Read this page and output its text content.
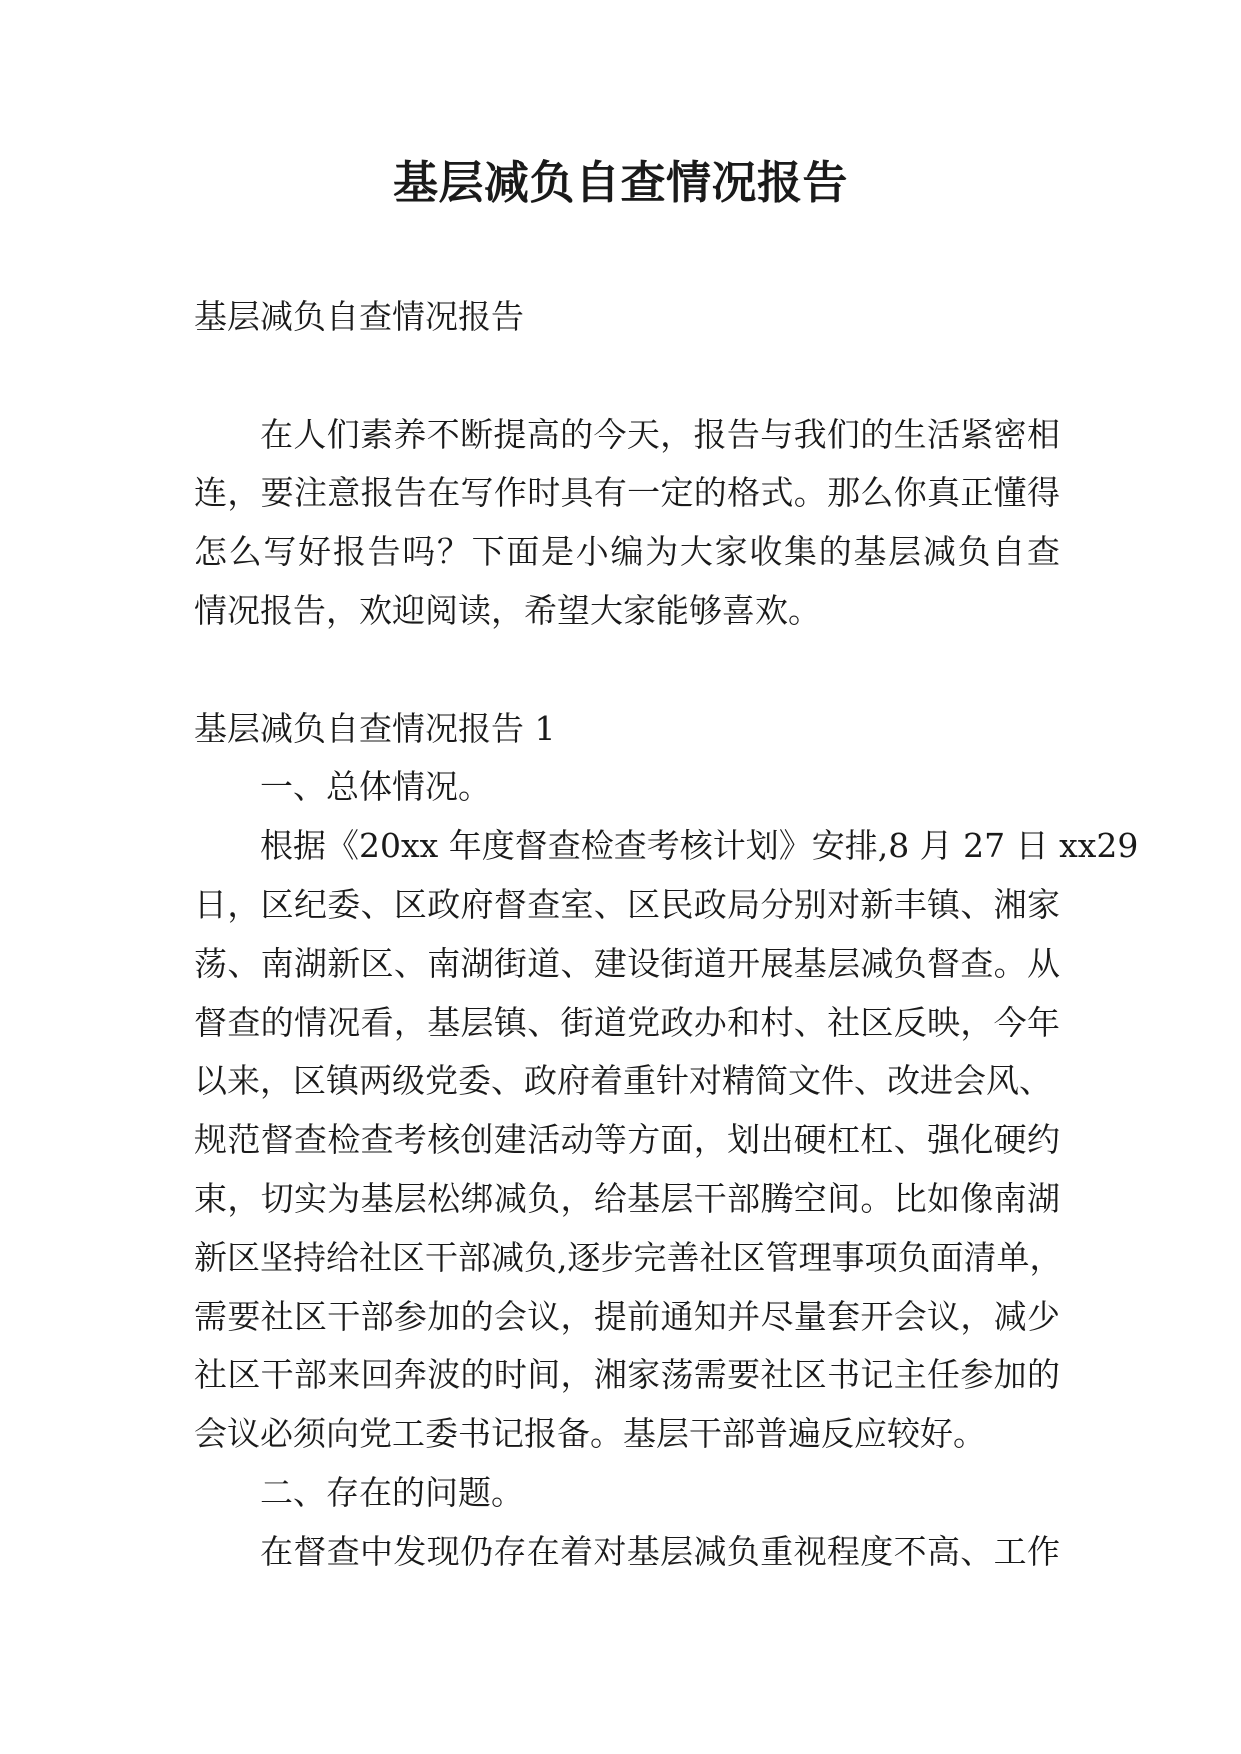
基层减负自查情况报告
基层减负自查情况报告
在人们素养不断提高的今天，报告与我们的生活紧密相
连，要注意报告在写作时具有一定的格式。那么你真正懂得
怎么写好报告吗？下面是小编为大家收集的基层减负自查
情况报告，欢迎阅读，希望大家能够喜欢。
基层减负自查情况报告 1
一、总体情况。
根据《20xx 年度督查检查考核计划》安排,8 月 27 日 xx29
日，区纪委、区政府督查室、区民政局分别对新丰镇、湘家
荡、南湖新区、南湖街道、建设街道开展基层减负督查。从
督查的情况看，基层镇、街道党政办和村、社区反映，今年
以来，区镇两级党委、政府着重针对精简文件、改进会风、
规范督查检查考核创建活动等方面，划出硬杠杠、强化硬约
束，切实为基层松绑减负，给基层干部腾空间。比如像南湖
新区坚持给社区干部减负,逐步完善社区管理事项负面清单，
需要社区干部参加的会议，提前通知并尽量套开会议，减少
社区干部来回奔波的时间，湘家荡需要社区书记主任参加的
会议必须向党工委书记报备。基层干部普遍反应较好。
二、存在的问题。
在督查中发现仍存在着对基层减负重视程度不高、工作
